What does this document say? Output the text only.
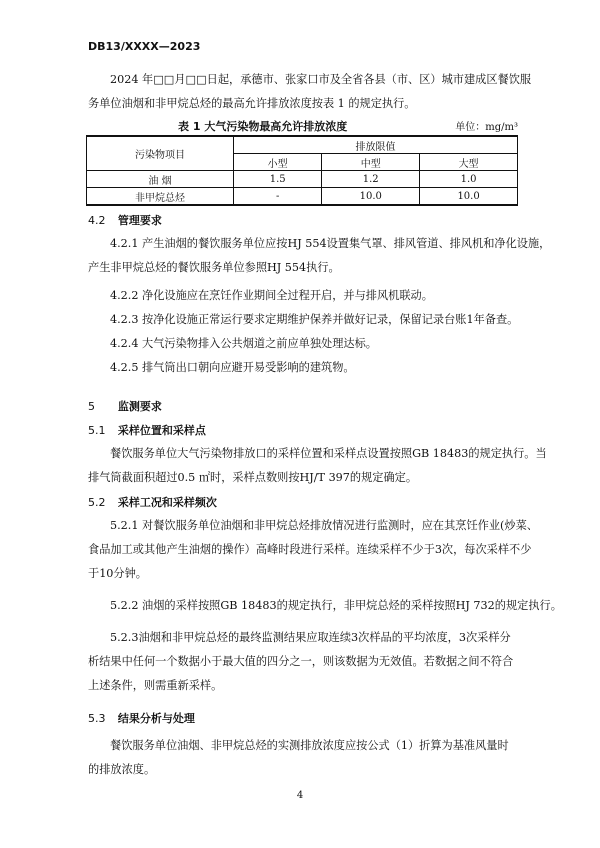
DB13/XXXX—2023
2024 年□□月□□日起，承德市、张家口市及全省各县（市、区）城市建成区餐饮服
务单位油烟和非甲烷总烃的最高允许排放浓度按表 1 的规定执行。
表 1 大气污染物最高允许排放浓度	单位：mg/m³
污染物项目	排放限值		
	小型	中型	大型
油 烟	1.5	1.2	1.0
非甲烷总烃	-	10.0	10.0
4.2 管理要求
4.2.1 产生油烟的餐饮服务单位应按HJ 554设置集气罩、排风管道、排风机和净化设施，
产生非甲烷总烃的餐饮服务单位参照HJ 554执行。
4.2.2 净化设施应在烹饪作业期间全过程开启，并与排风机联动。
4.2.3 按净化设施正常运行要求定期维护保养并做好记录，保留记录台账1年备查。
4.2.4 大气污染物排入公共烟道之前应单独处理达标。
4.2.5 排气筒出口朝向应避开易受影响的建筑物。
5 监测要求
5.1 采样位置和采样点
餐饮服务单位大气污染物排放口的采样位置和采样点设置按照GB 18483的规定执行。当
排气筒截面积超过0.5 ㎡时，采样点数则按HJ/T 397的规定确定。
5.2 采样工况和采样频次
5.2.1 对餐饮服务单位油烟和非甲烷总烃排放情况进行监测时，应在其烹饪作业(炒菜、
食品加工或其他产生油烟的操作）高峰时段进行采样。连续采样不少于3次，每次采样不少
于10分钟。
5.2.2 油烟的采样按照GB 18483的规定执行，非甲烷总烃的采样按照HJ 732的规定执行。
5.2.3油烟和非甲烷总烃的最终监测结果应取连续3次样品的平均浓度，3次采样分
析结果中任何一个数据小于最大值的四分之一，则该数据为无效值。若数据之间不符合
上述条件，则需重新采样。
5.3 结果分析与处理
餐饮服务单位油烟、非甲烷总烃的实测排放浓度应按公式（1）折算为基准风量时
的排放浓度。
4
